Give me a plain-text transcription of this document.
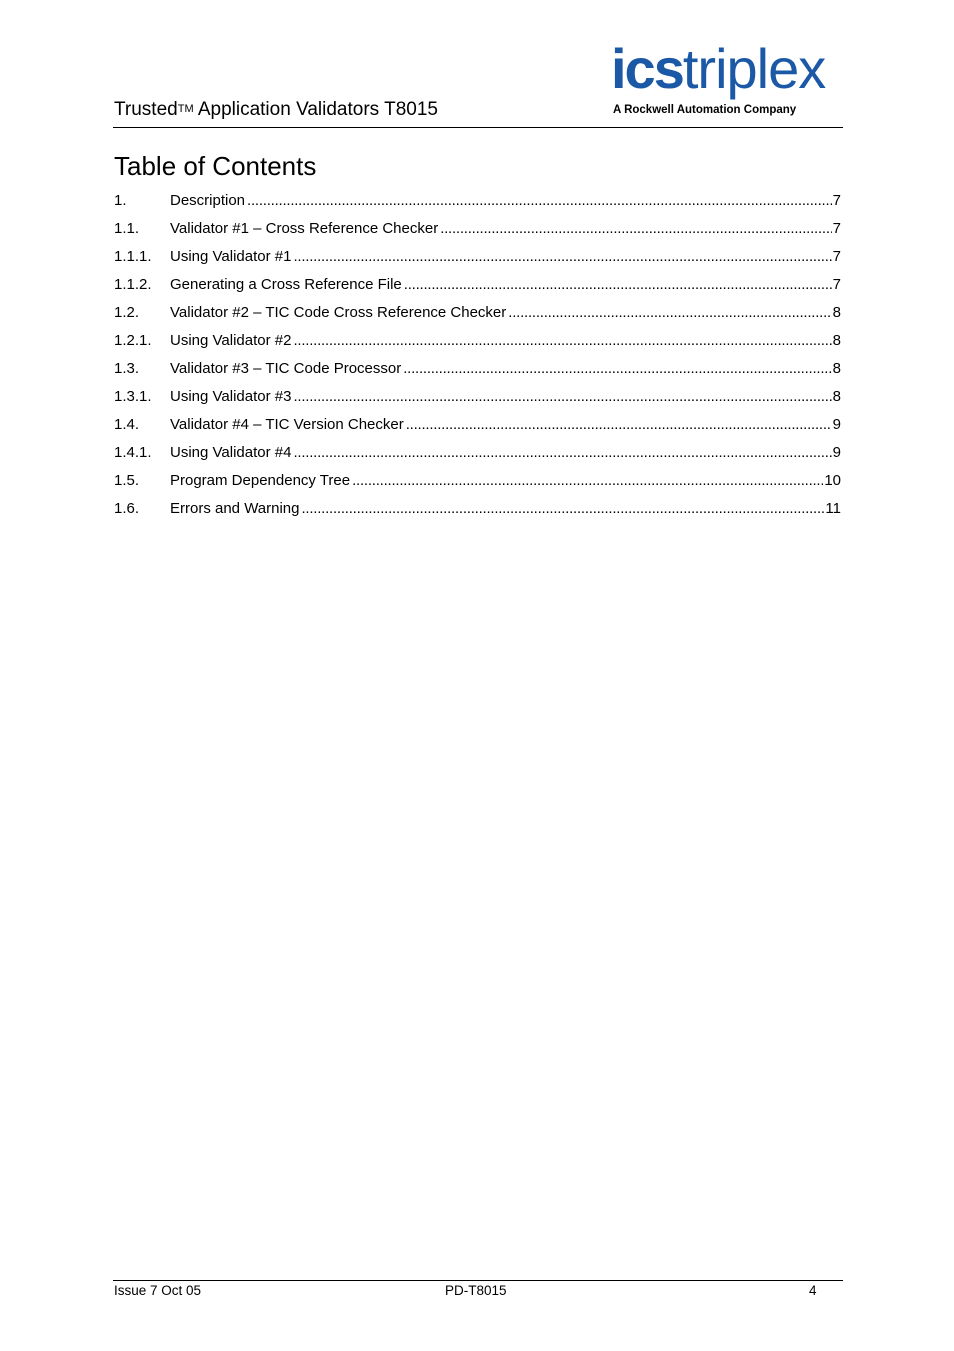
Trusted™ Application Validators T8015
icstriplex
A Rockwell Automation Company
Table of Contents
1.	Description . . .	7
1.1.	Validator #1 – Cross Reference Checker . . .	7
1.1.1.	Using Validator #1 . . .	7
1.1.2.	Generating a Cross Reference File . . .	7
1.2.	Validator #2 – TIC Code Cross Reference Checker . . .	8
1.2.1.	Using Validator #2 . . .	8
1.3.	Validator #3 – TIC Code Processor . . .	8
1.3.1.	Using Validator #3 . . .	8
1.4.	Validator #4 – TIC Version Checker . . .	9
1.4.1.	Using Validator #4 . . .	9
1.5.	Program Dependency Tree . . .	10
1.6.	Errors and Warning . . .	11
Issue 7 Oct 05	PD-T8015	4
